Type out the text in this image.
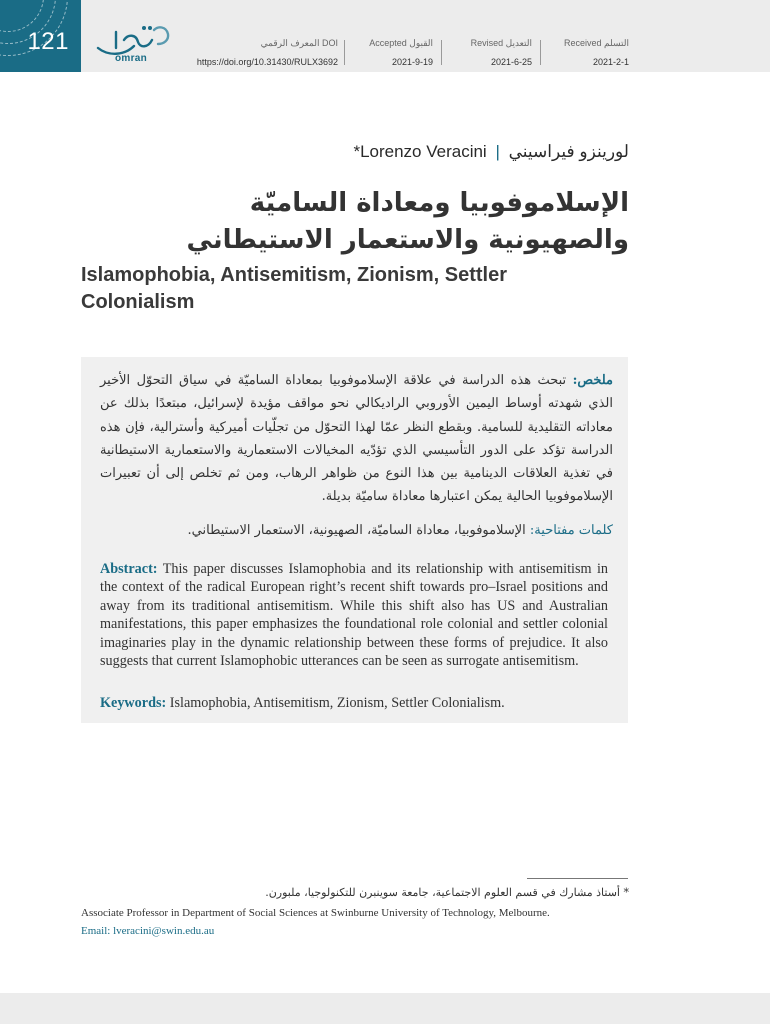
121
omran
المعرف الرقمي DOI
https://doi.org/10.31430/RULX3692
Accepted القبول
2021-9-19
Revised التعديل
2021-6-25
Received التسلم
2021-2-1
*Lorenzo Veracini | لورينزو فيراسيني
الإسلاموفوبيا ومعاداة الساميّة والصهيونية والاستعمار الاستيطاني
Islamophobia, Antisemitism, Zionism, Settler Colonialism
ملخص: تبحث هذه الدراسة في علاقة الإسلاموفوبيا بمعاداة الساميّة في سياق التحوّل الأخير الذي شهدته أوساط اليمين الأوروبي الراديكالي نحو مواقف مؤيدة لإسرائيل، مبتعدًا بذلك عن معاداته التقليدية للسامية. وبقطع النظر عمّا لهذا التحوّل من تجلّيات أميركية وأسترالية، فإن هذه الدراسة تؤكد على الدور التأسيسي الذي تؤدّيه المخيالات الاستعمارية والاستعمارية الاستيطانية في تغذية العلاقات الدينامية بين هذا النوع من ظواهر الرهاب، ومن ثم تخلص إلى أن تعبيرات الإسلاموفوبيا الحالية يمكن اعتبارها معاداة ساميّة بديلة.
كلمات مفتاحية: الإسلاموفوبيا، معاداة الساميّة، الصهيونية، الاستعمار الاستيطاني.
Abstract: This paper discusses Islamophobia and its relationship with antisemitism in the context of the radical European right’s recent shift towards pro–Israel positions and away from its traditional antisemitism. While this shift also has US and Australian manifestations, this paper emphasizes the foundational role colonial and settler colonial imaginaries play in the dynamic relationship between these forms of prejudice. It also suggests that current Islamophobic utterances can be seen as surrogate antisemitism.
Keywords: Islamophobia, Antisemitism, Zionism, Settler Colonialism.
* أستاذ مشارك في قسم العلوم الاجتماعية، جامعة سوينبرن للتكنولوجيا، ملبورن.
Associate Professor in Department of Social Sciences at Swinburne University of Technology, Melbourne.
Email: lveracini@swin.edu.au
